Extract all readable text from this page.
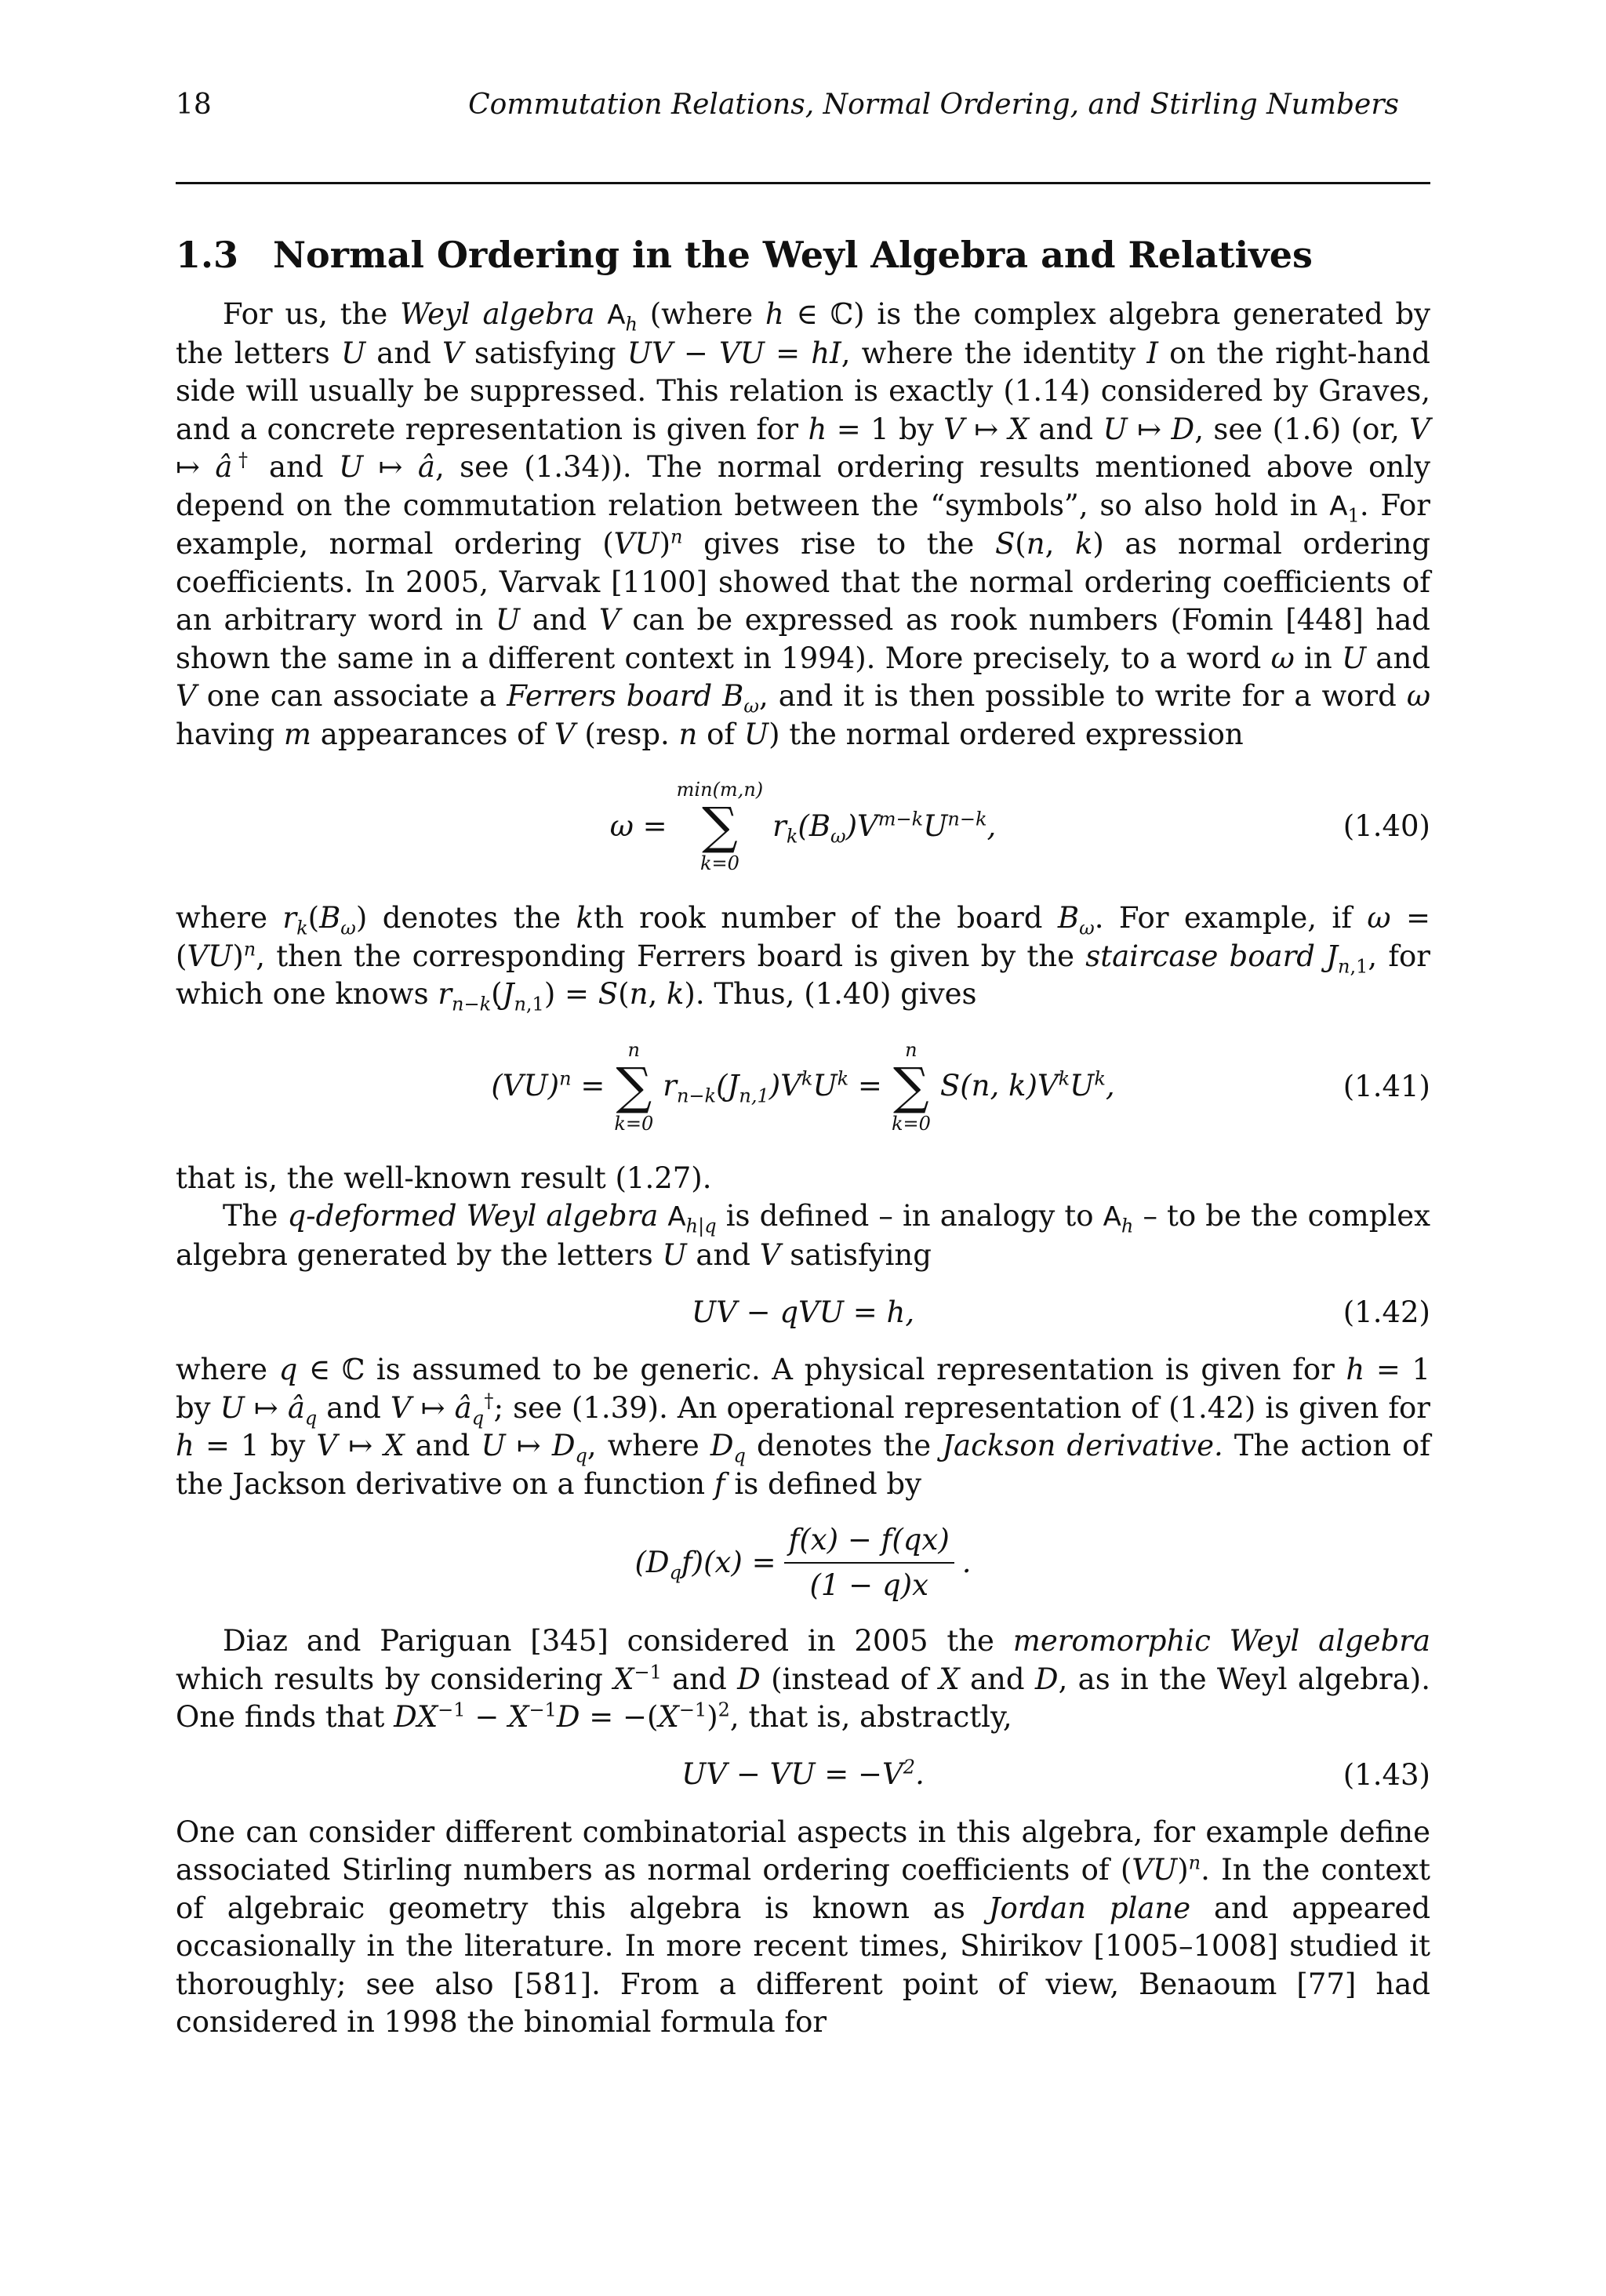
18	Commutation Relations, Normal Ordering, and Stirling Numbers
1.3 Normal Ordering in the Weyl Algebra and Relatives

For us, the Weyl algebra $A_h$ (where h ∈ ℂ) is the complex algebra generated by the letters U and V satisfying UV − VU = hI, where the identity I on the right-hand side will usually be suppressed. This relation is exactly (1.14) considered by Graves, and a concrete representation is given for h = 1 by V ↦ X and U ↦ D, see (1.6) (or, V ↦ â† and U ↦ â, see (1.34)). The normal ordering results mentioned above only depend on the commutation relation between the “symbols”, so also hold in $A_1$. For example, normal ordering (VU)$^n$ gives rise to the S(n, k) as normal ordering coefficients. In 2005, Varvak [1100] showed that the normal ordering coefficients of an arbitrary word in U and V can be expressed as rook numbers (Fomin [448] had shown the same in a different context in 1994). More precisely, to a word ω in U and V one can associate a Ferrers board $B_\omega$, and it is then possible to write for a word ω having m appearances of V (resp. n of U) the normal ordered expression

ω =
min(m,n)
∑
k=0
$r_k(B_\omega)V^{m-k}U^{n-k}$,	(1.40)

where $r_k(B_\omega)$ denotes the kth rook number of the board $B_\omega$. For example, if ω = (VU)$^n$, then the corresponding Ferrers board is given by the staircase board $J_{n,1}$, for which one knows $r_{n-k}(J_{n,1}) = S(n$, k). Thus, (1.40) gives

(VU)$^n$ =
n
∑
k=0
$r_{n-k}(J_{n,1})V^kU^k$ =
n
∑
k=0
S(n, $k)V^kU^k$,	(1.41)

that is, the well-known result (1.27).

The q-deformed Weyl algebra $A_{h|q}$ is defined – in analogy to $A_h$ – to be the complex algebra generated by the letters U and V satisfying

UV − qVU = h,	(1.42)

where q ∈ ℂ is assumed to be generic. A physical representation is given for h = 1 by U ↦ $â_q$ and V ↦ $â_q^\dagger$; see (1.39). An operational representation of (1.42) is given for h = 1 by V ↦ X and U ↦ $D_q$, where $D_q$ denotes the Jackson derivative. The action of the Jackson derivative on a function f is defined by

$(D_qf)(x) = \frac{f(x) - f(qx)}{(1 - q)x}$ .

Diaz and Pariguan [345] considered in 2005 the meromorphic Weyl algebra which results by considering $X^{-1}$ and D (instead of X and D, as in the Weyl algebra). One finds that $DX^{-1} - X^{-1}D = -(X^{-1})^2$, that is, abstractly,

UV − VU = $-V^2$.	(1.43)

One can consider different combinatorial aspects in this algebra, for example define associated Stirling numbers as normal ordering coefficients of (VU)$^n$. In the context of algebraic geometry this algebra is known as Jordan plane and appeared occasionally in the literature. In more recent times, Shirikov [1005–1008] studied it thoroughly; see also [581]. From a different point of view, Benaoum [77] had considered in 1998 the binomial formula for
